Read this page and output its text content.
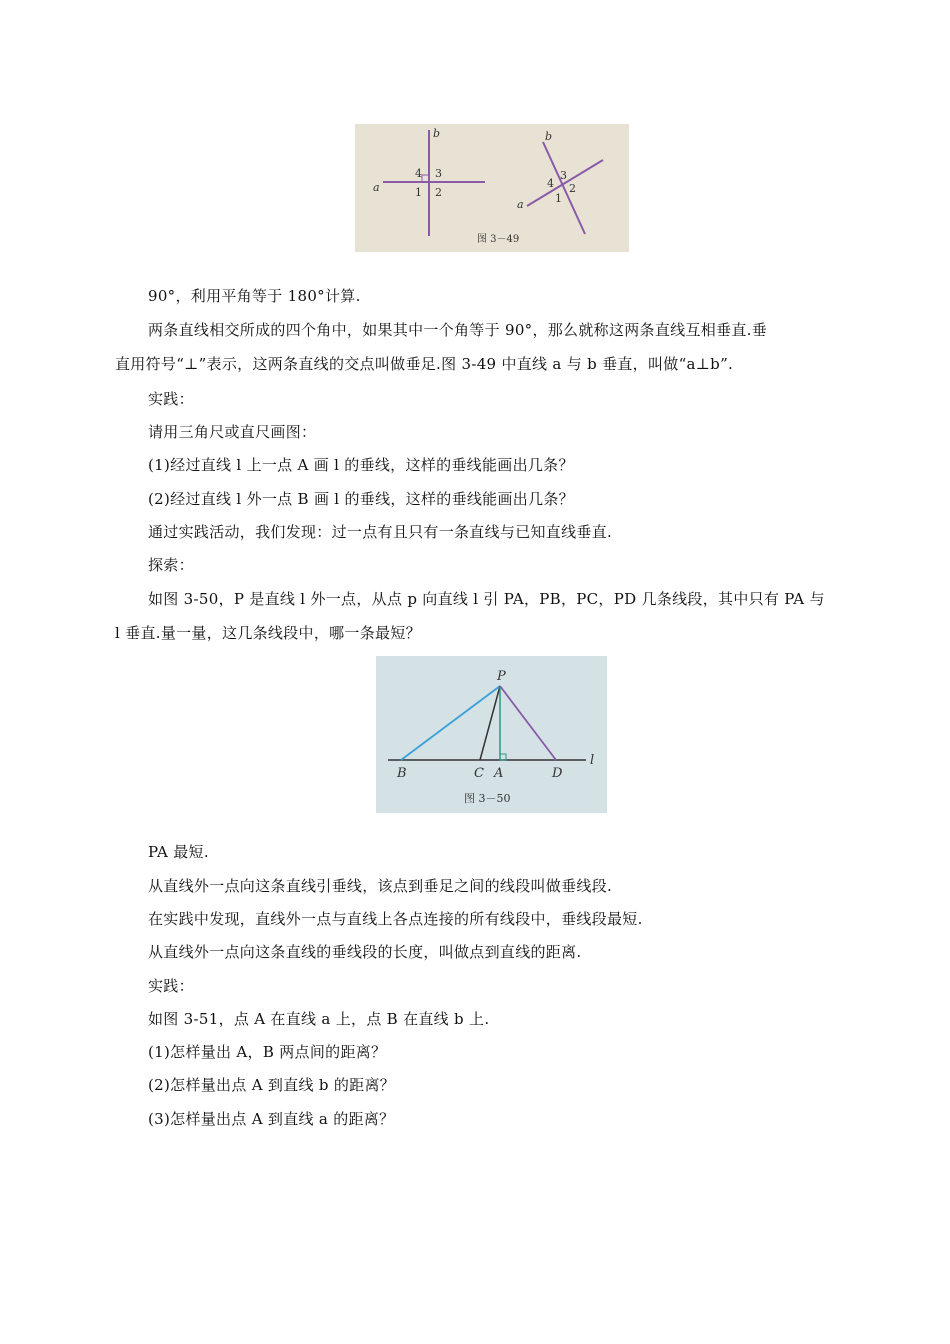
b
a
4 3
1 2
b
a
4
3
1
2
图 3－49
90°，利用平角等于 180°计算.
两条直线相交所成的四个角中，如果其中一个角等于 90°，那么就称这两条直线互相垂直.垂
直用符号“⊥”表示，这两条直线的交点叫做垂足.图 3-49 中直线 a 与 b 垂直，叫做“a⊥b”.
实践：
请用三角尺或直尺画图：
(1)经过直线 l 上一点 A 画 l 的垂线，这样的垂线能画出几条？
(2)经过直线 l 外一点 B 画 l 的垂线，这样的垂线能画出几条？
通过实践活动，我们发现：过一点有且只有一条直线与已知直线垂直.
探索：
如图 3-50，P 是直线 l 外一点，从点 p 向直线 l 引 PA，PB，PC，PD 几条线段，其中只有 PA 与
l 垂直.量一量，这几条线段中，哪一条最短？
P
B	C A	D
l
图 3－50
PA 最短.
从直线外一点向这条直线引垂线，该点到垂足之间的线段叫做垂线段.
在实践中发现，直线外一点与直线上各点连接的所有线段中，垂线段最短.
从直线外一点向这条直线的垂线段的长度，叫做点到直线的距离.
实践：
如图 3-51，点 A 在直线 a 上，点 B 在直线 b 上.
(1)怎样量出 A，B 两点间的距离？
(2)怎样量出点 A 到直线 b 的距离？
(3)怎样量出点 A 到直线 a 的距离？
